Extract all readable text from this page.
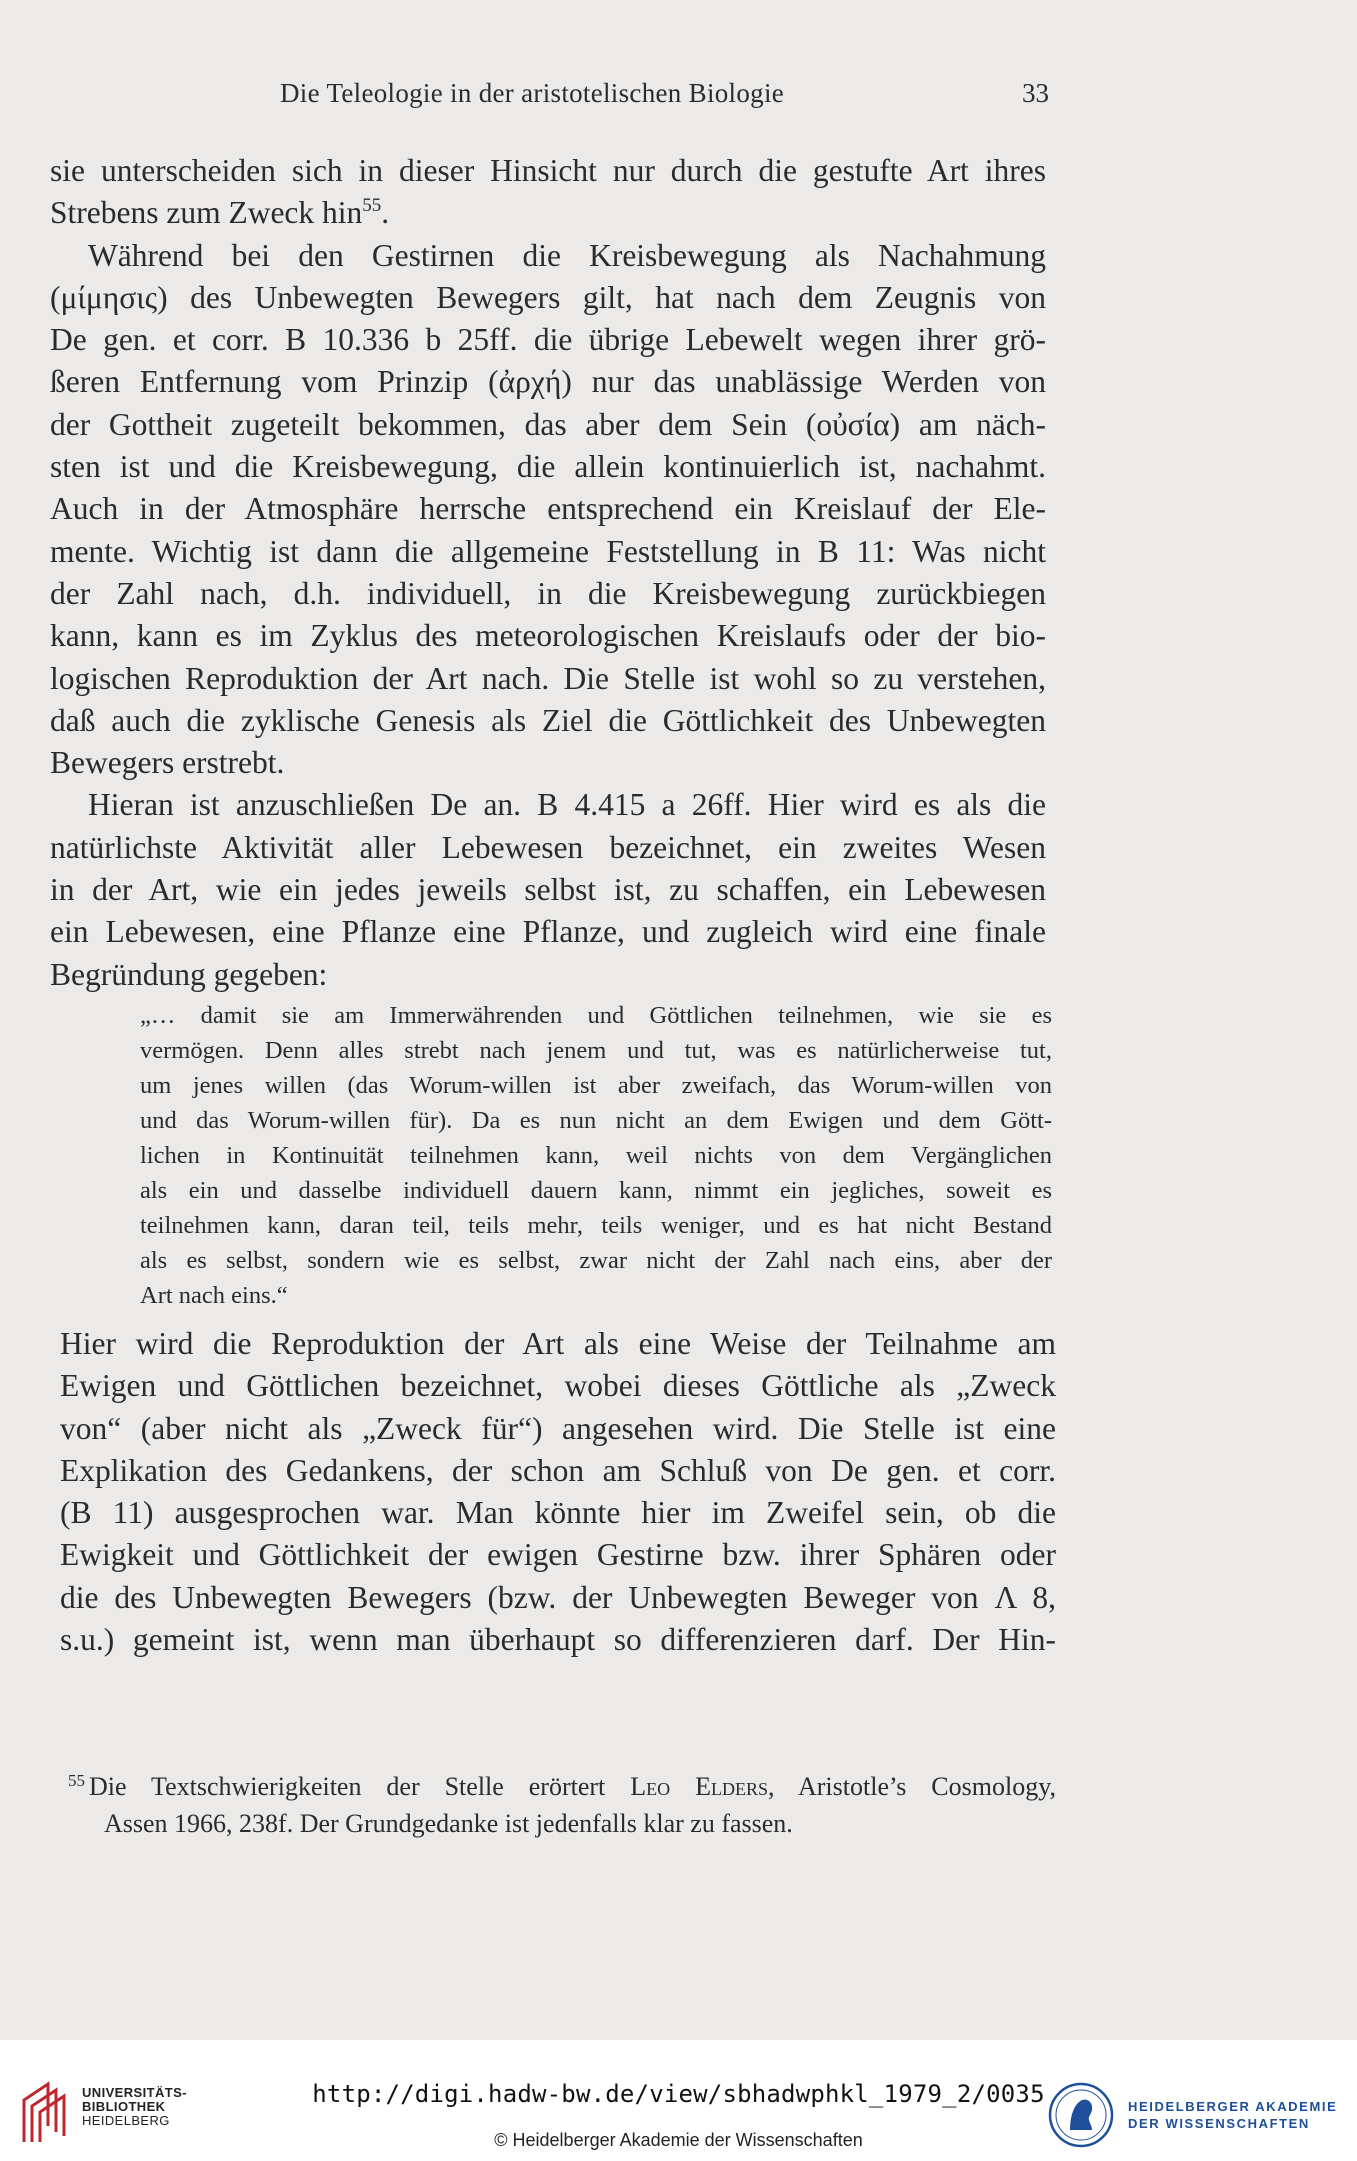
Die Teleologie in der aristotelischen Biologie	33

sie unterscheiden sich in dieser Hinsicht nur durch die gestufte Art ihres
Strebens zum Zweck hin$^{55}$.

Während bei den Gestirnen die Kreisbewegung als Nachahmung
(μίμησις) des Unbewegten Bewegers gilt, hat nach dem Zeugnis von
De gen. et corr. B 10.336 b 25ff. die übrige Lebewelt wegen ihrer grö-
ßeren Entfernung vom Prinzip (ἀρχή) nur das unablässige Werden von
der Gottheit zugeteilt bekommen, das aber dem Sein (οὐσία) am näch-
sten ist und die Kreisbewegung, die allein kontinuierlich ist, nachahmt.
Auch in der Atmosphäre herrsche entsprechend ein Kreislauf der Ele-
mente. Wichtig ist dann die allgemeine Feststellung in B 11: Was nicht
der Zahl nach, d.h. individuell, in die Kreisbewegung zurückbiegen
kann, kann es im Zyklus des meteorologischen Kreislaufs oder der bio-
logischen Reproduktion der Art nach. Die Stelle ist wohl so zu verstehen,
daß auch die zyklische Genesis als Ziel die Göttlichkeit des Unbewegten
Bewegers erstrebt.

Hieran ist anzuschließen De an. B 4.415 a 26ff. Hier wird es als die
natürlichste Aktivität aller Lebewesen bezeichnet, ein zweites Wesen
in der Art, wie ein jedes jeweils selbst ist, zu schaffen, ein Lebewesen
ein Lebewesen, eine Pflanze eine Pflanze, und zugleich wird eine finale
Begründung gegeben:

„… damit sie am Immerwährenden und Göttlichen teilnehmen, wie sie es
vermögen. Denn alles strebt nach jenem und tut, was es natürlicherweise tut,
um jenes willen (das Worum-willen ist aber zweifach, das Worum-willen von
und das Worum-willen für). Da es nun nicht an dem Ewigen und dem Gött-
lichen in Kontinuität teilnehmen kann, weil nichts von dem Vergänglichen
als ein und dasselbe individuell dauern kann, nimmt ein jegliches, soweit es
teilnehmen kann, daran teil, teils mehr, teils weniger, und es hat nicht Bestand
als es selbst, sondern wie es selbst, zwar nicht der Zahl nach eins, aber der
Art nach eins.“
Hier wird die Reproduktion der Art als eine Weise der Teilnahme am
Ewigen und Göttlichen bezeichnet, wobei dieses Göttliche als „Zweck
von“ (aber nicht als „Zweck für“) angesehen wird. Die Stelle ist eine
Explikation des Gedankens, der schon am Schluß von De gen. et corr.
(B 11) ausgesprochen war. Man könnte hier im Zweifel sein, ob die
Ewigkeit und Göttlichkeit der ewigen Gestirne bzw. ihrer Sphären oder
die des Unbewegten Bewegers (bzw. der Unbewegten Beweger von Λ 8,
s.u.) gemeint ist, wenn man überhaupt so differenzieren darf. Der Hin-
$^{55}$ Die Textschwierigkeiten der Stelle erörtert Leo Elders, Aristotle’s Cosmology,
Assen 1966, 238f. Der Grundgedanke ist jedenfalls klar zu fassen.
UNIVERSITÄTS-
BIBLIOTHEK
HEIDELBERG
http://digi.hadw-bw.de/view/sbhadwphkl_1979_2/0035
© Heidelberger Akademie der Wissenschaften
HEIDELBERGER AKADEMIE
DER WISSENSCHAFTEN
